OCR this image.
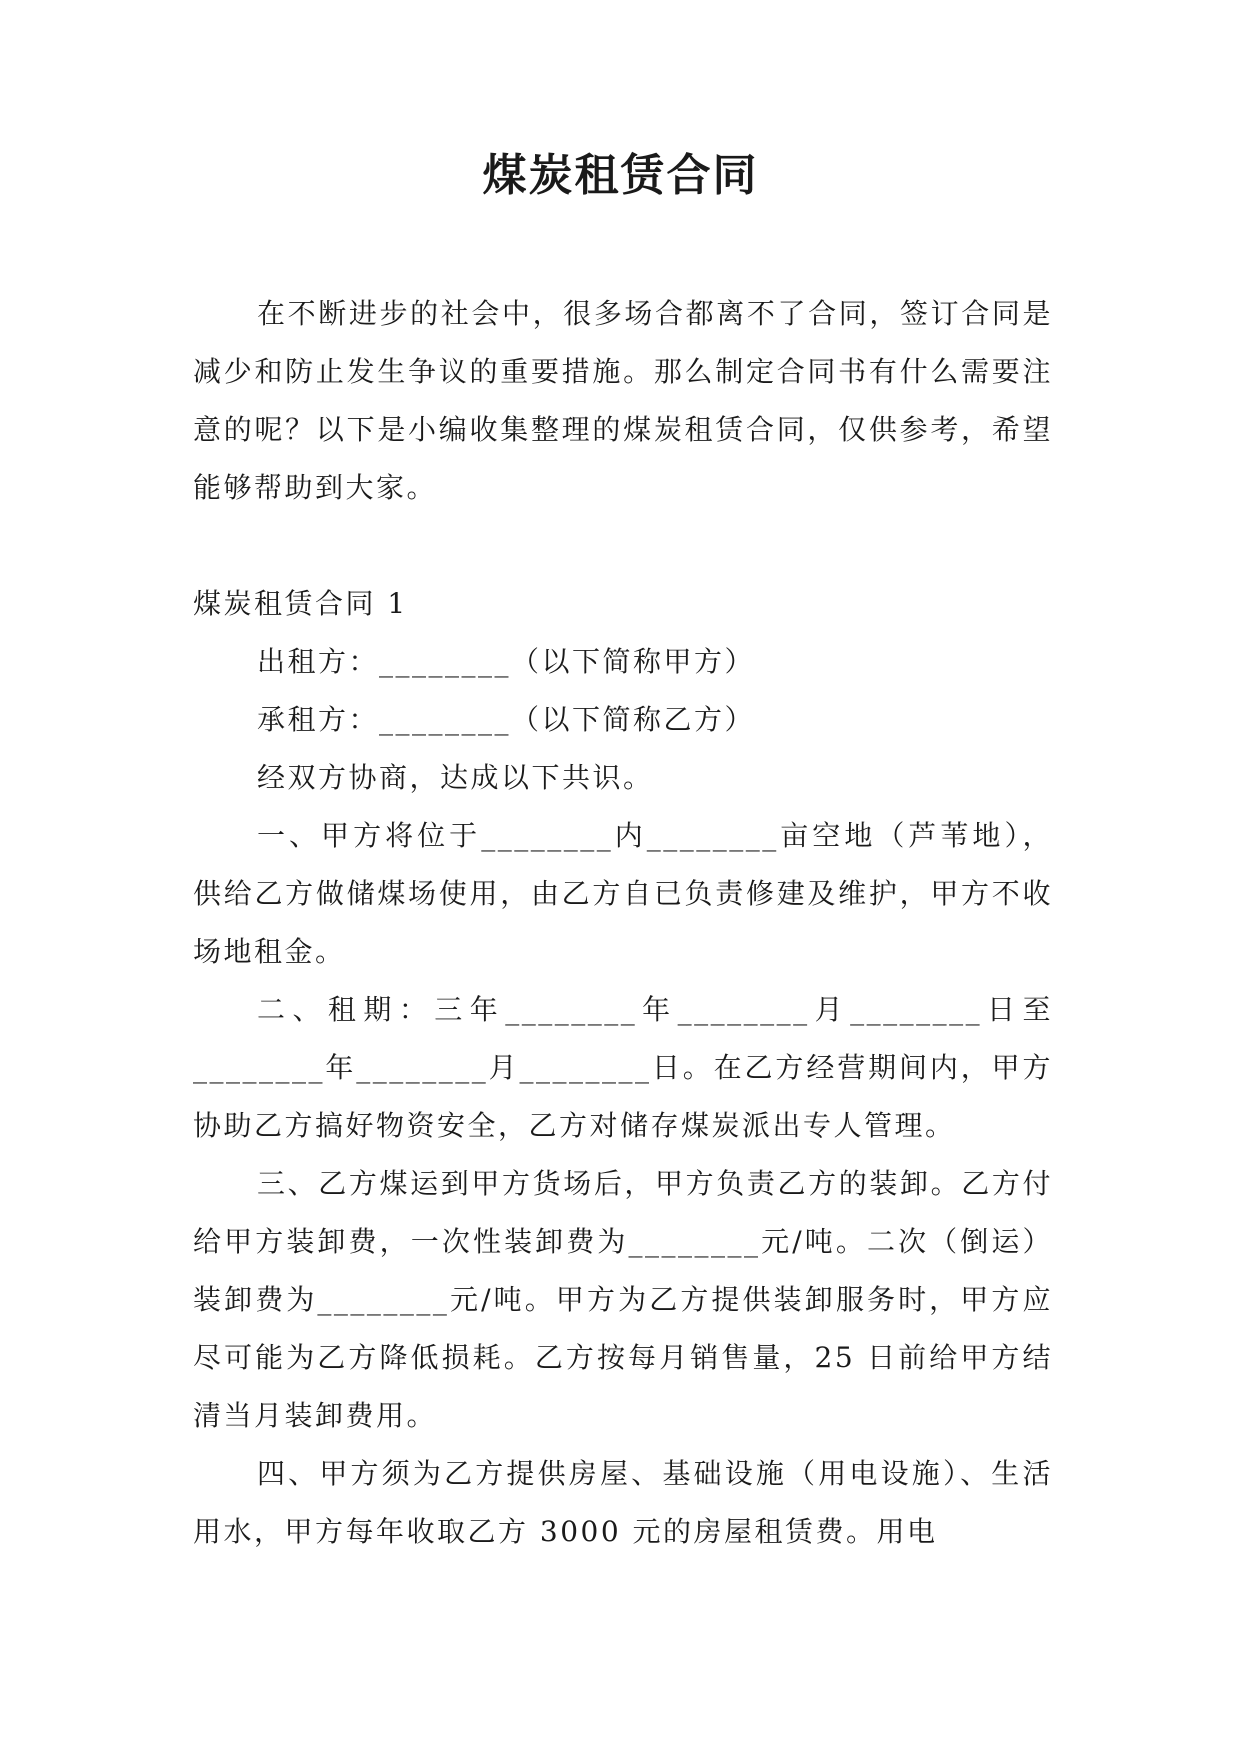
煤炭租赁合同

在不断进步的社会中，很多场合都离不了合同，签订合同是减少和防止发生争议的重要措施。那么制定合同书有什么需要注意的呢？以下是小编收集整理的煤炭租赁合同，仅供参考，希望能够帮助到大家。

煤炭租赁合同 1

出租方：________（以下简称甲方）

承租方：________（以下简称乙方）

经双方协商，达成以下共识。

一、甲方将位于________内________亩空地（芦苇地），供给乙方做储煤场使用，由乙方自已负责修建及维护，甲方不收场地租金。

二、租期：三年________年________月________日至________年________月________日。在乙方经营期间内，甲方协助乙方搞好物资安全，乙方对储存煤炭派出专人管理。

三、乙方煤运到甲方货场后，甲方负责乙方的装卸。乙方付给甲方装卸费，一次性装卸费为________元/吨。二次（倒运）装卸费为________元/吨。甲方为乙方提供装卸服务时，甲方应尽可能为乙方降低损耗。乙方按每月销售量，25 日前给甲方结清当月装卸费用。

四、甲方须为乙方提供房屋、基础设施（用电设施）、生活用水，甲方每年收取乙方 3000 元的房屋租赁费。用电
